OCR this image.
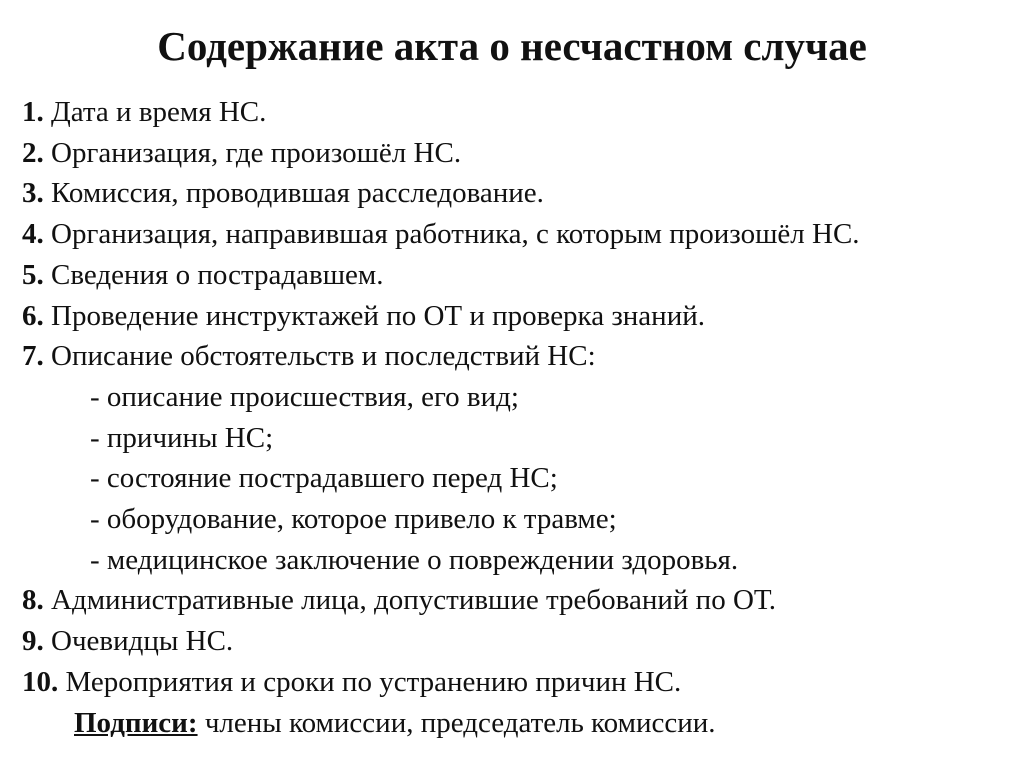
Содержание акта о несчастном случае
1. Дата и время НС.
2. Организация, где произошёл НС.
3. Комиссия, проводившая расследование.
4. Организация, направившая работника, с которым произошёл НС.
5. Сведения о пострадавшем.
6. Проведение инструктажей по ОТ и проверка знаний.
7. Описание обстоятельств и последствий НС:
- описание происшествия, его вид;
- причины НС;
- состояние пострадавшего перед НС;
- оборудование, которое привело к травме;
- медицинское заключение о повреждении здоровья.
8. Административные лица, допустившие требований по ОТ.
9. Очевидцы НС.
10. Мероприятия и сроки по устранению причин НС.
Подписи: члены комиссии, председатель комиссии.
